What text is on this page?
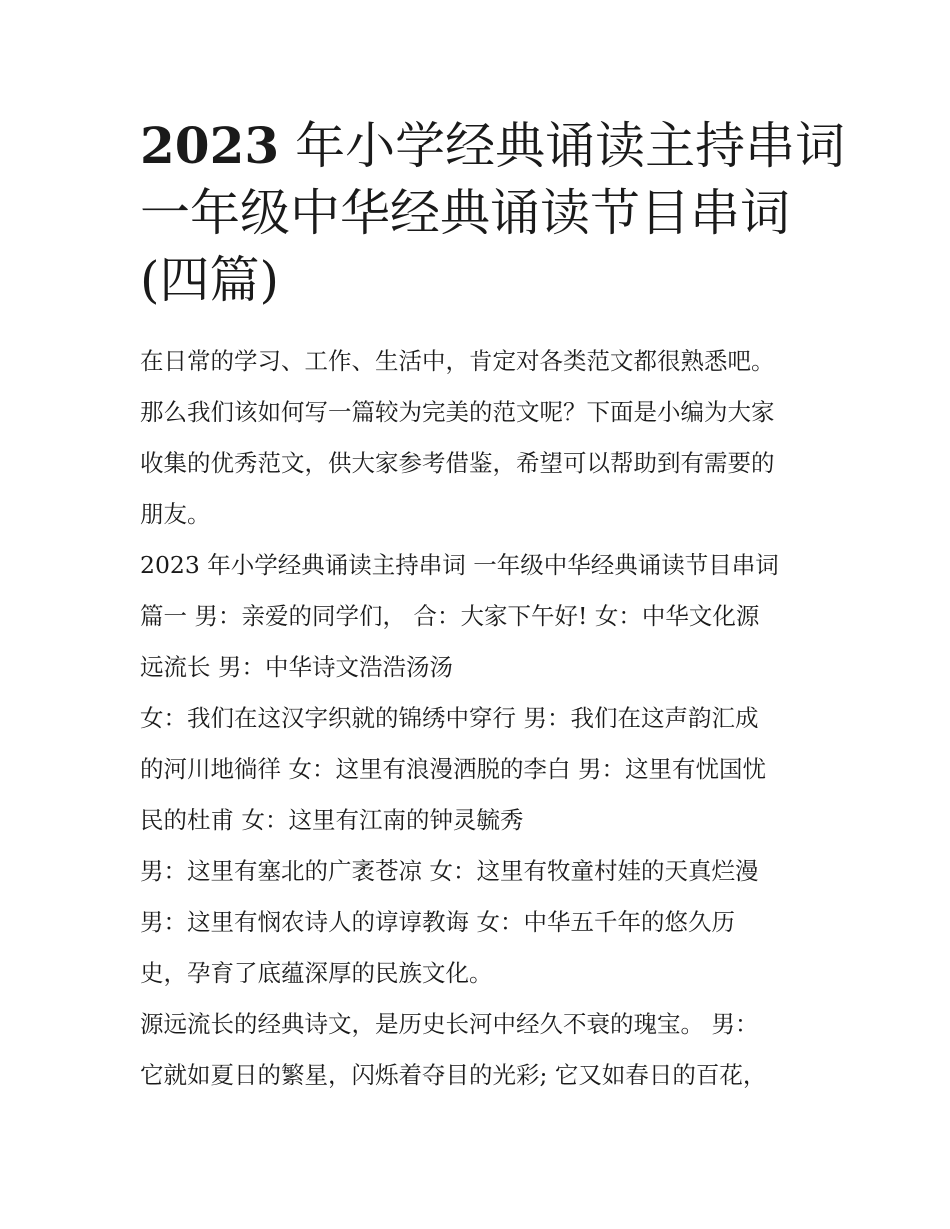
2023 年小学经典诵读主持串词
一年级中华经典诵读节目串词
(四篇)
在日常的学习、工作、生活中，肯定对各类范文都很熟悉吧。
那么我们该如何写一篇较为完美的范文呢？下面是小编为大家
收集的优秀范文，供大家参考借鉴，希望可以帮助到有需要的
朋友。
2023 年小学经典诵读主持串词 一年级中华经典诵读节目串词
篇一 男：亲爱的同学们， 合：大家下午好! 女：中华文化源
远流长 男：中华诗文浩浩汤汤
女：我们在这汉字织就的锦绣中穿行 男：我们在这声韵汇成
的河川地徜徉 女：这里有浪漫洒脱的李白 男：这里有忧国忧
民的杜甫 女：这里有江南的钟灵毓秀
男：这里有塞北的广袤苍凉 女：这里有牧童村娃的天真烂漫
男：这里有悯农诗人的谆谆教诲 女：中华五千年的悠久历
史，孕育了底蕴深厚的民族文化。
源远流长的经典诗文，是历史长河中经久不衰的瑰宝。 男：
它就如夏日的繁星，闪烁着夺目的光彩; 它又如春日的百花，
